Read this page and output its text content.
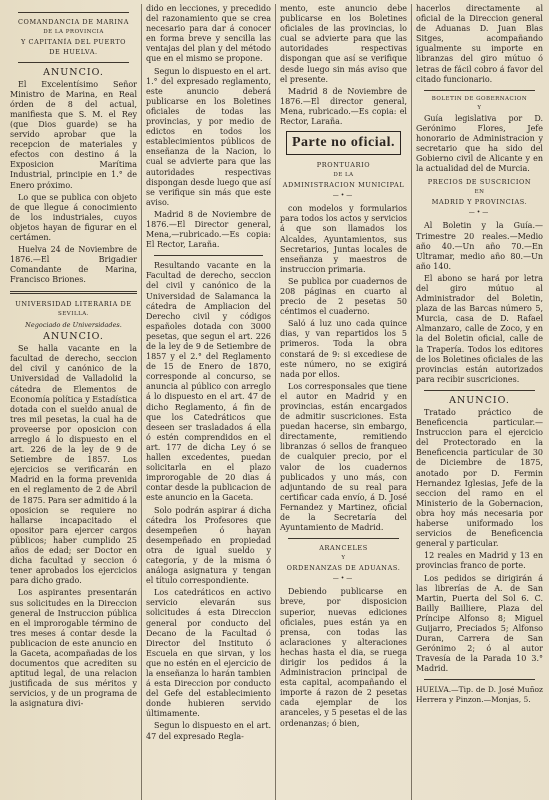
COMANDANCIA DE MARINA

DE LA PROVINCIA

Y CAPITANÍA DEL PUERTO

DE HUELVA.

ANUNCIO.

El Excelentísimo Señor Ministro de Marina, en Real órden de 8 del actual, manifiesta que S. M. el Rey (que Dios guarde) se ha servido aprobar que la recepcion de materiales y efectos con destino á la Exposicion Marítima Industrial, principie en 1.° de Enero próximo.

Lo que se publica con objeto de que llegue á conocimiento de los industriales, cuyos objetos hayan de figurar en el certámen.

Huelva 24 de Noviembre de 1876.—El Brigadier Comandante de Marina, Francisco Briones.

UNIVERSIDAD LITERARIA DE

SEVILLA.

Negociado de Universidades.

ANUNCIO.

Se halla vacante en la facultad de derecho, seccion del civil y canónico de la Universidad de Valladolid la cátedra de Elementos de Economía política y Estadística dotada con el sueldo anual de tres mil pesetas, la cual ha de proveerse por oposicion con arreglo á lo dispuesto en el art. 226 de la ley de 9 de Setiembre de 1857. Los ejercicios se verificarán en Madrid en la forma prevenida en el reglamento de 2 de Abril de 1875. Para ser admitido á la oposicion se requiere no hallarse incapacitado el opositor para ejercer cargos públicos; haber cumplido 25 años de edad; ser Doctor en dicha facultad y seccion ó tener aprobados los ejercicios para dicho grado.

Los aspirantes presentarán sus solicitudes en la Direccion general de Instruccion pública en el improrogable término de tres meses á contar desde la publicacion de este anuncio en la Gaceta, acompañadas de los documentos que acrediten su aptitud legal, de una relacion justificada de sus méritos y servicios, y de un programa de la asignatura divi-

dido en lecciones, y precedido del razonamiento que se crea necesario para dar á conocer en forma breve y sencilla las ventajas del plan y del método que en el mismo se propone.

Segun lo dispuesto en el art. 1.° del expresado reglamento, este anuncio deberá publicarse en los Boletines oficiales de todas las provincias, y por medio de edictos en todos los establecimientos públicos de enseñanza de la Nacion, lo cual se advierte para que las autoridades respectivas dispongan desde luego que así se verifique sin más que este aviso.

Madrid 8 de Noviembre de 1876.—El Director general, Mena,—rubricado.—Es copia: El Rector, Laraña.

Resultando vacante en la Facultad de derecho, seccion del civil y canónico de la Universidad de Salamanca la cátedra de Ampliacion del Derecho civil y códigos españoles dotada con 3000 pesetas, que segun el art. 226 de la ley de 9 de Setiembre de 1857 y el 2.° del Reglamento de 15 de Enero de 1870, corresponde al concurso, se anuncia al público con arreglo á lo dispuesto en el art. 47 de dicho Reglamento, á fin de que los Catedráticos que deseen ser trasladados á ella ó estén comprendidos en el art. 177 de dicha Ley ó se hallen excedentes, puedan solicitarla en el plazo improrogable de 20 dias á contar desde la publicacion de este anuncio en la Gaceta.

Solo podrán aspirar á dicha cátedra los Profesores que desempeñen ó hayan desempeñado en propiedad otra de igual sueldo y categoría, y de la misma ó análoga asignatura y tengan el título correspondiente.

Los catedráticos en activo servicio elevarán sus solicitudes á esta Direccion general por conducto del Decano de la Facultad ó Director del Instituto ó Escuela en que sirvan, y los que no estén en el ejercicio de la enseñanza lo harán tambien á esta Direccion por conducto del Gefe del establecimiento donde hubieren servido últimamente.

Segun lo dispuesto en el art. 47 del expresado Regla-

mento, este anuncio debe publicarse en los Boletines oficiales de las provincias, lo cual se advierte para que las autoridades respectivas dispongan que así se verifique desde luego sin más aviso que el presente.

Madrid 8 de Noviembre de 1876.—El director general, Mena, rubricado.—Es copia: el Rector, Laraña.

Parte no oficial.

PRONTUARIO

DE LA

ADMINISTRACION MUNICIPAL

—•—

con modelos y formularios para todos los actos y servicios á que son llamados los Alcaldes, Ayuntamientos, sus Secretarios, Juntas locales de enseñanza y maestros de instruccion primaria.

Se publica por cuadernos de 208 páginas en cuarto al precio de 2 pesetas 50 céntimos el cuaderno.

Saló á luz uno cada quince dias, y van repartidos los 5 primeros. Toda la obra constará de 9: si excediese de este número, no se exigirá nada por ellos.

Los corresponsales que tiene el autor en Madrid y en provincias, están encargados de admitir suscriciones. Esta puedan hacerse, sin embargo, directamente, remitiendo libranzas ó sellos de franqueo de cualquier precio, por el valor de los cuadernos publicados y uno más, con adjuntando de su real para certificar cada envío, á D. José Fernandez y Martinez, oficial de la Secretaría del Ayuntamiento de Madrid.

ARANCELES

Y

ORDENANZAS DE ADUANAS.

—•—

Debiendo publicarse en breve, por disposicion superior, nuevas ediciones oficiales, pues están ya en prensa, con todas las aclaraciones y alteraciones hechas hasta el dia, se ruega dirigir los pedidos á la Administracion principal de esta capital, acompañando el importe á razon de 2 pesetas cada ejemplar de los aranceles, y 5 pesetas el de las ordenanzas; ó bien,

hacerlos directamente al oficial de la Direccion general de Aduanas D. Juan Blas Sitges, acompañando igualmente su importe en libranzas del giro mútuo ó letras de fácil cobro á favor del citado funcionario.

BOLETIN DE GOBERNACION

Y

Guía legislativa por D. Gerónimo Flores, Jefe honorario de Administracion y secretario que ha sido del Gobierno civil de Alicante y en la actualidad del de Murcia.

PRECIOS DE SUSCRICION

EN

MADRID Y PROVINCIAS.

—•—

Al Boletin y la Guía.—Trimestre 20 reales.—Medio año 40.—Un año 70.—En Ultramar, medio año 80.—Un año 140.

El abono se hará por letra del giro mútuo al Administrador del Boletin, plaza de las Barcas número 5, Murcia, casa de D. Rafael Almanzaro, calle de Zoco, y en la del Boletin oficial, calle de la Trapería. Todos los editores de los Boletines oficiales de las provincias están autorizados para recibir suscriciones.

ANUNCIO.

Tratado práctico de Beneficencia particular.—Instruccion para el ejercicio del Protectorado en la Beneficencia particular de 30 de Diciembre de 1875, anotado por D. Fermin Hernandez Iglesias, Jefe de la seccion del ramo en el Ministerio de la Gobernacion, obra hoy más necesaria por haberse uniformado los servicios de Beneficencia general y particular.

12 reales en Madrid y 13 en provincias franco de porte.

Los pedidos se dirigirán á las librerías de A. de San Martin, Puerta del Sol 6. C. Bailly Bailliere, Plaza del Príncipe Alfonso 8; Miguel Guijarro, Preciados 5; Alfonso Duran, Carrera de San Gerónimo 2; ó al autor Travesía de la Parada 10 3.° Madrid.

HUELVA.—Tip. de D. José Muñoz Herrera y Pinzon.—Monjas, 5.
